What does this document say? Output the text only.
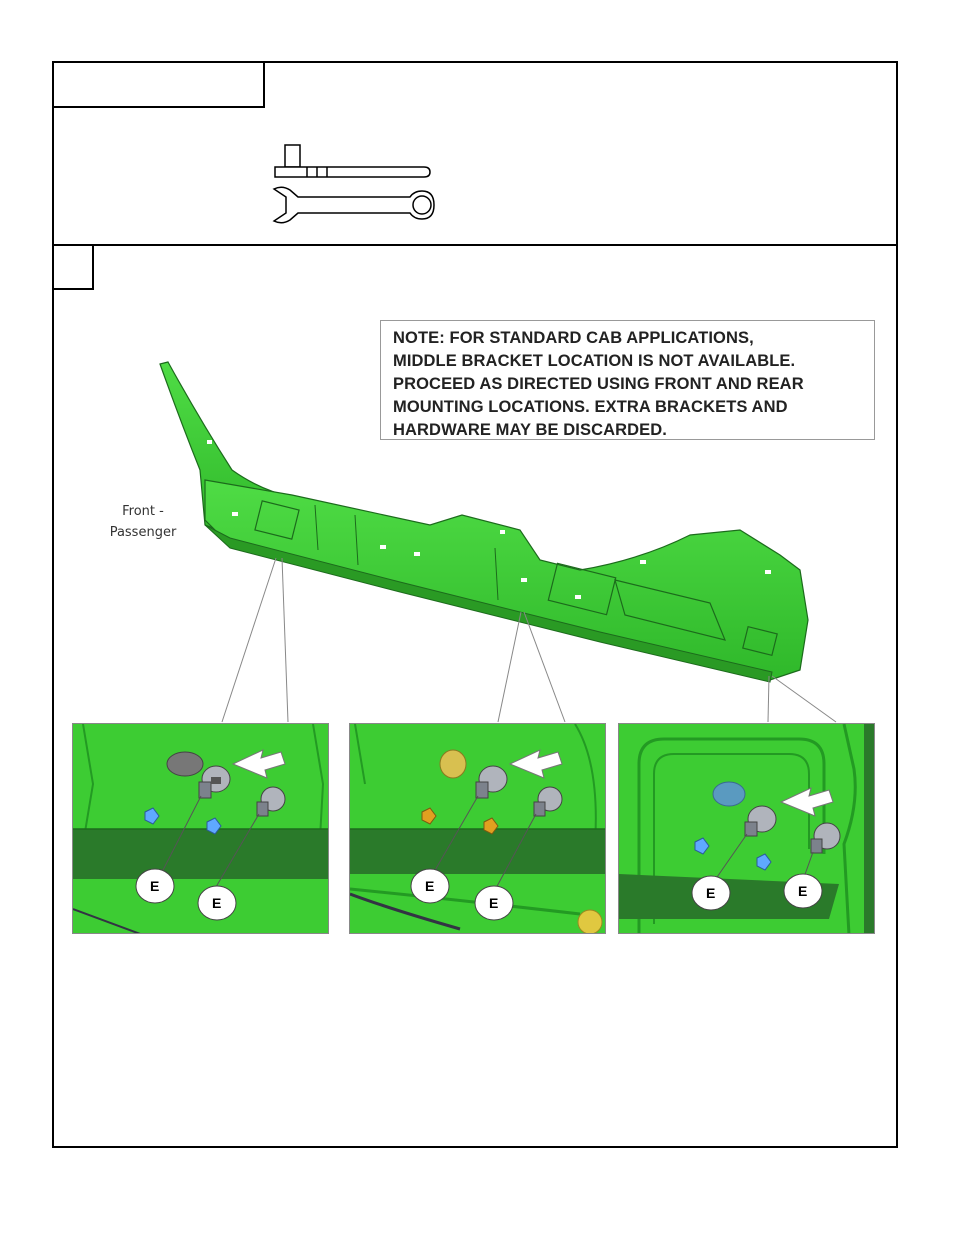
Front -
Passenger
NOTE: FOR STANDARD CAB APPLICATIONS,
MIDDLE BRACKET LOCATION IS NOT AVAILABLE.
PROCEED AS DIRECTED USING FRONT AND REAR
MOUNTING LOCATIONS. EXTRA BRACKETS AND
HARDWARE MAY BE DISCARDED.
E
E
E
E
E	E
